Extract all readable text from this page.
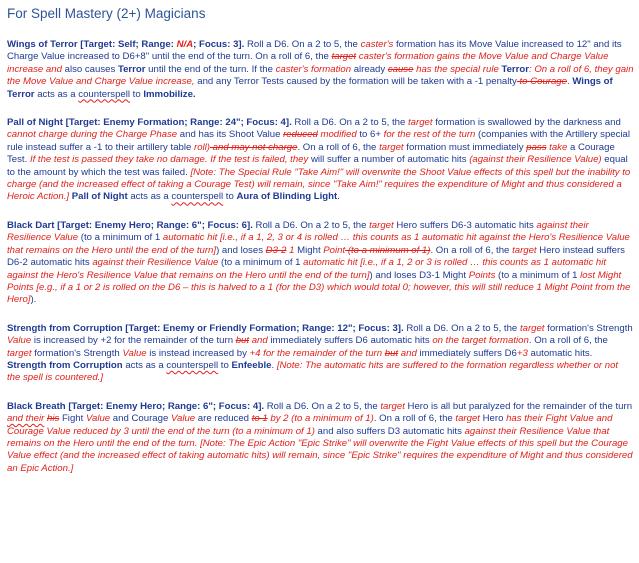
For Spell Mastery (2+) Magicians

Wings of Terror [Target: Self; Range: N/A; Focus: 3]. Roll a D6. On a 2 to 5, the caster's formation has its Move Value increased to 12" and its Charge Value increased to D6+8" until the end of the turn. On a roll of 6, the target caster's formation gains the Move Value and Charge Value increase and also causes Terror until the end of the turn. If the caster's formation already cause has the special rule Terror: On a roll of 6, they gain the Move Value and Charge Value increase, and any Terror Tests caused by the formation will be taken with a -1 penalty to Courage. Wings of Terror acts as a counterspell to Immobilize.

Pall of Night [Target: Enemy Formation; Range: 24"; Focus: 4]. Roll a D6. On a 2 to 5, the target formation is swallowed by the darkness and cannot charge during the Charge Phase and has its Shoot Value reduced modified to 6+ for the rest of the turn (companies with the Artillery special rule instead suffer a -1 to their artillery table roll) and may not charge. On a roll of 6, the target formation must immediately pass take a Courage Test. If the test is passed they take no damage. If the test is failed, they will suffer a number of automatic hits (against their Resilience Value) equal to the amount by which the test was failed. [Note: The Special Rule "Take Aim!" will overwrite the Shoot Value effects of this spell but the inability to charge (and the increased effect of taking a Courage Test) will remain, since "Take Aim!" requires the expenditure of Might and thus considered a Heroic Action.] Pall of Night acts as a counterspell to Aura of Blinding Light.

Black Dart [Target: Enemy Hero; Range: 6"; Focus: 6]. Roll a D6. On a 2 to 5, the target Hero suffers D6-3 automatic hits against their Resilience Value (to a minimum of 1 automatic hit [i.e., if a 1, 2, 3 or 4 is rolled … this counts as 1 automatic hit against the Hero's Resilience Value that remains on the Hero until the end of the turn]) and loses D3-2 1 Might Point (to a minimum of 1). On a roll of 6, the target Hero instead suffers D6-2 automatic hits against their Resilience Value (to a minimum of 1 automatic hit [i.e., if a 1, 2 or 3 is rolled … this counts as 1 automatic hit against the Hero's Resilience Value that remains on the Hero until the end of the turn]) and loses D3-1 Might Points (to a minimum of 1 lost Might Points [e.g., if a 1 or 2 is rolled on the D6 – this is halved to a 1 (for the D3) which would total 0; however, this will still reduce 1 Might Point from the Hero]).

Strength from Corruption [Target: Enemy or Friendly Formation; Range: 12"; Focus: 3]. Roll a D6. On a 2 to 5, the target formation's Strength Value is increased by +2 for the remainder of the turn but and immediately suffers D6 automatic hits on the target formation. On a roll of 6, the target formation's Strength Value is instead increased by +4 for the remainder of the turn but and immediately suffers D6+3 automatic hits. Strength from Corruption acts as a counterspell to Enfeeble. [Note: The automatic hits are suffered to the formation regardless whether or not the spell is countered.]

Black Breath [Target: Enemy Hero; Range: 6"; Focus: 4]. Roll a D6. On a 2 to 5, the target Hero is all but paralyzed for the remainder of the turn and their his Fight Value and Courage Value are reduced to 1 by 2 (to a minimum of 1). On a roll of 6, the target Hero has their Fight Value and Courage Value reduced by 3 until the end of the turn (to a minimum of 1) and also suffers D3 automatic hits against their Resilience Value that remains on the Hero until the end of the turn. [Note: The Epic Action "Epic Strike" will overwrite the Fight Value effects of this spell but the Courage Value effect (and the increased effect of taking automatic hits) will remain, since "Epic Strike" requires the expenditure of Might and thus considered an Epic Action.]
